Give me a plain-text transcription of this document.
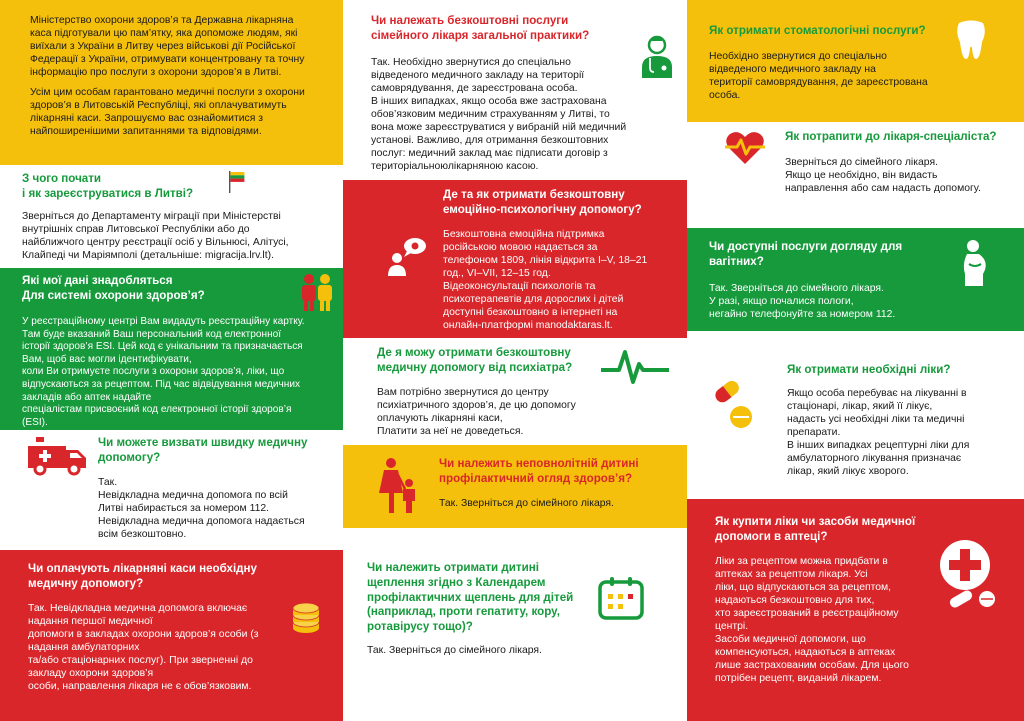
Міністерство охорони здоров’я та Державна лікарняна
каса підготували цю пам’ятку, яка допоможе людям, які
виїхали з України в Литву через військові дії Російської
Федерації з України, отримувати концентровану та точну
інформацію про послуги з охорони здоров’я в Литві.
Усім цим особам гарантовано медичні послуги з охорони
здоров’я в Литовській Республіці, які оплачуватимуть
лікарняні каси. Запрошуємо вас ознайомитися з
найпоширенішими запитаннями та відповідями.
З чого почати
і як зареєструватися в Литві?
Зверніться до Департаменту міграції при Міністерстві
внутрішніх справ Литовської Республіки або до
найближчого центру реєстрації осіб у Вільнюсі, Алітусі,
Клайпеді чи Маріямполі (детальніше: migracija.lrv.lt).
Які мої дані знадобляться
Для системі охорони здоров’я?
У реєстраційному центрі Вам видадуть реєстраційну картку.
Там буде вказаний Ваш персональний код електронної
історії здоров’я ESI. Цей код є унікальним та призначається
Вам, щоб вас могли ідентифікувати,
коли Ви отримуєте послуги з охорони здоров’я, ліки, що
відпускаються за рецептом. Під час відвідування медичних
закладів або аптек надайте
спеціалістам присвоєний код електронної історії здоров’я
(ESI).
Чи можете визвати швидку медичну
допомогу?
Так.
Невідкладна медична допомога по всій
Литві набирається за номером 112.
Невідкладна медична допомога надається
всім безкоштовно.
Чи оплачують лікарняні каси необхідну
медичну допомогу?
Так. Невідкладна медична допомога включає
надання першої медичної
допомоги в закладах охорони здоров’я особи (з
надання амбулаторних
та/або стаціонарних послуг). При зверненні до
закладу охорони здоров’я
особи, направлення лікаря не є обов’язковим.
Чи належать безкоштовні послуги
сімейного лікаря загальної практики?
Так. Необхідно звернутися до спеціально
відведеного медичного закладу на території
самоврядування, де зареєстрована особа.
В інших випадках, якщо особа вже застрахована
обов’язковим медичним страхуванням у Литві, то
вона може зареєструватися у вибраній ній медичний
установі. Важливо, для отримання безкоштовних
послуг: медичний заклад має підписати договір з
територіальноюлікарняною касою.
Де та як отримати безкоштовну
емоційно-психологічну допомогу?
Безкоштовна емоційна підтримка
російською мовою надається за
телефоном 1809, лінія відкрита I–V, 18–21
год., VI–VII, 12–15 год.
Відеоконсультації психологів та
психотерапевтів для дорослих і дітей
доступні безкоштовно в інтернеті на
онлайн-платформі manodaktaras.lt.
Де я можу отримати безкоштовну
медичну допомогу від психіатра?
Вам потрібно звернутися до центру
психіатричного здоров’я, де цю допомогу
оплачують лікарняні каси,
Платити за неї не доведеться.
Чи належить неповнолітній дитині
профілактичний огляд здоров’я?
Так. Зверніться до сімейного лікаря.
Чи належить отримати дитині
щеплення згідно з Календарем
профілактичних щеплень для дітей
(наприклад, проти гепатиту, кору,
ротавірусу тощо)?
Так. Зверніться до сімейного лікаря.
Як отримати стоматологічні послуги?
Необхідно звернутися до спеціально
відведеного медичного закладу на
території самоврядування, де зареєстрована
особа.
Як потрапити до лікаря-спеціаліста?
Зверніться до сімейного лікаря.
Якщо це необхідно, він видасть
направлення або сам надасть допомогу.
Чи доступні послуги догляду для
вагітних?
Так. Зверніться до сімейного лікаря.
У разі, якщо почалися пологи,
негайно телефонуйте за номером 112.
Як отримати необхідні ліки?
Якщо особа перебуває на лікуванні в
стаціонарі, лікар, який її лікує,
надасть усі необхідні ліки та медичні
препарати.
В інших випадках рецептурні ліки для
амбулаторного лікування призначає
лікар, який лікує хворого.
Як купити ліки чи засоби медичної
допомоги в аптеці?
Ліки за рецептом можна придбати в
аптеках за рецептом лікаря. Усі
ліки, що відпускаються за рецептом,
надаються безкоштовно для тих,
хто зареєстрований в реєстраційному
центрі.
Засоби медичної допомоги, що
компенсуються, надаються в аптеках
лише застрахованим особам. Для цього
потрібен рецепт, виданий лікарем.
